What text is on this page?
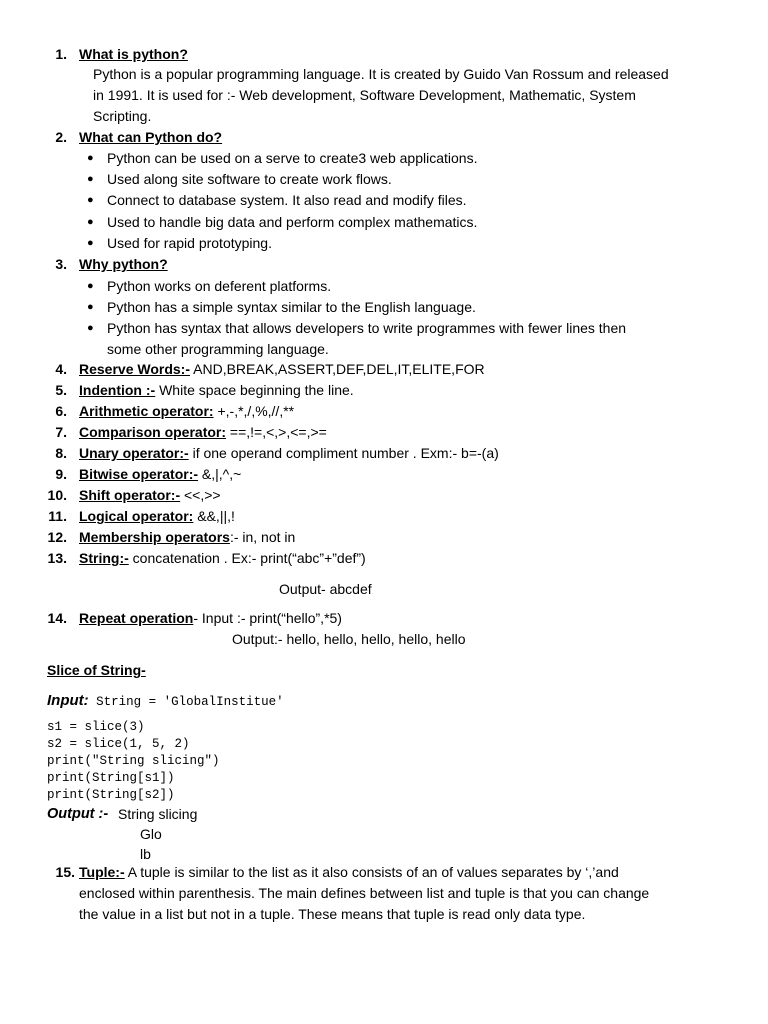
1. What is python?
Python is a popular programming language. It is created by Guido Van Rossum and released
in 1991. It is used for :- Web development, Software Development, Mathematic, System
Scripting.
2. What can Python do?
● Python can be used on a serve to create3 web applications.
● Used along site software to create work flows.
● Connect to database system. It also read and modify files.
● Used to handle big data and perform complex mathematics.
● Used for rapid prototyping.
3. Why python?
● Python works on deferent platforms.
● Python has a simple syntax similar to the English language.
● Python has syntax that allows developers to write programmes with fewer lines then
some other programming language.
4. Reserve Words:- AND,BREAK,ASSERT,DEF,DEL,IT,ELITE,FOR
5. Indention :- White space beginning the line.
6. Arithmetic operator: +,-,*,/,%,//,**
7. Comparison operator: ==,!=,<,>,<=,>=
8. Unary operator:- if one operand compliment number . Exm:- b=-(a)
9. Bitwise operator:- &,|,^,~
10. Shift operator:- <<,>>
11. Logical operator: &&,||,!
12. Membership operators:- in, not in
13. String:- concatenation . Ex:- print(“abc”+”def”)
Output- abcdef
14. Repeat operation- Input :- print(“hello”,*5)
Output:- hello, hello, hello, hello, hello
Slice of String-
Input: String = 'GlobalInstitue'
s1 = slice(3)
s2 = slice(1, 5, 2)
print("String slicing")
print(String[s1])
print(String[s2])
Output :- String slicing
Glo
lb
15. Tuple:- A tuple is similar to the list as it also consists of an of values separates by ‘,’and
enclosed within parenthesis. The main defines between list and tuple is that you can change
the value in a list but not in a tuple. These means that tuple is read only data type.
